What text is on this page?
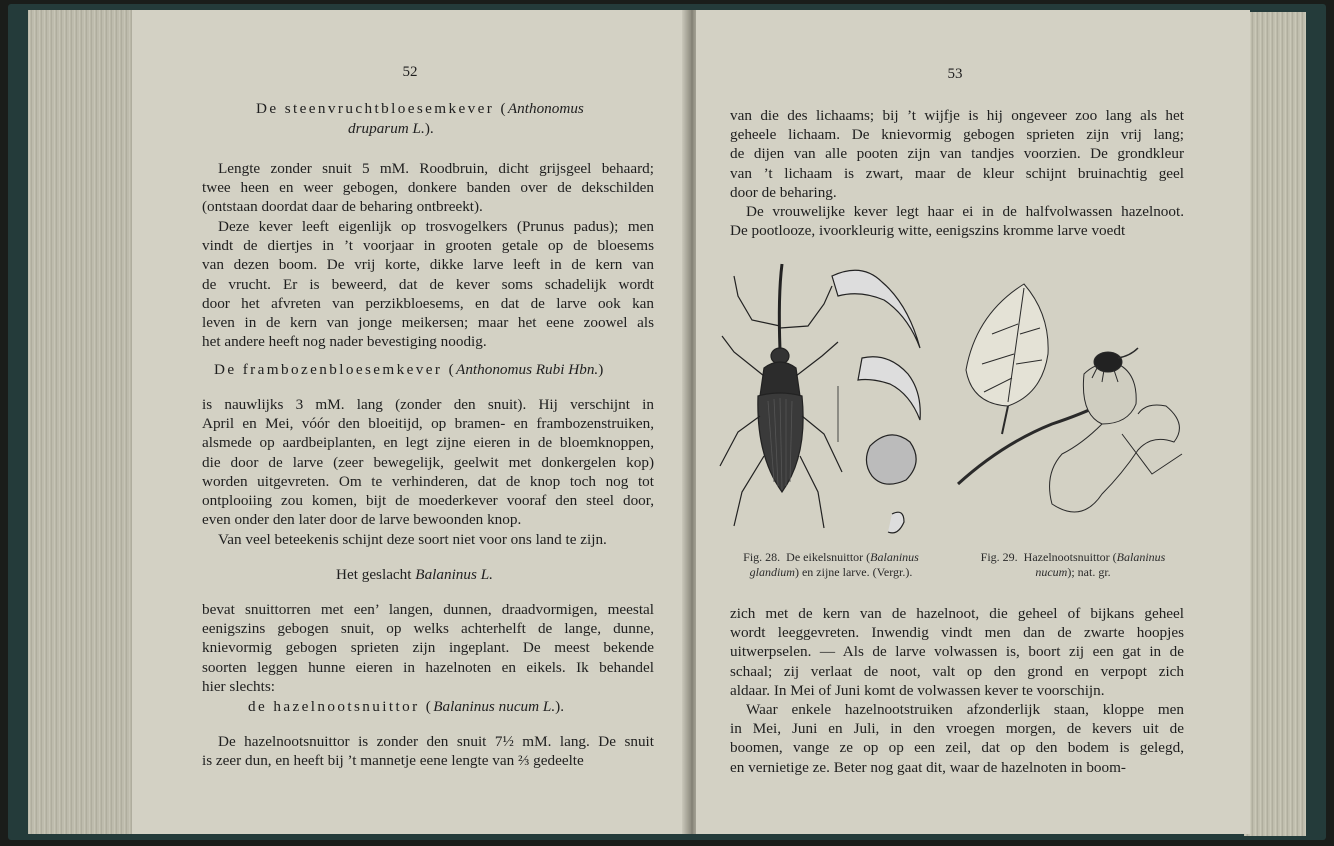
52
De steenvruchtbloesemkever (Anthonomus
druparum L.).
Lengte zonder snuit 5 mM. Roodbruin, dicht grijsgeel behaard;
twee heen en weer gebogen, donkere banden over de dekschilden
(ontstaan doordat daar de beharing ontbreekt).
Deze kever leeft eigenlijk op trosvogelkers (Prunus padus); men
vindt de diertjes in ’t voorjaar in grooten getale op de bloesems
van dezen boom. De vrij korte, dikke larve leeft in de kern van
de vrucht. Er is beweerd, dat de kever soms schadelijk wordt
door het afvreten van perzikbloesems, en dat de larve ook kan
leven in de kern van jonge meikersen; maar het eene zoowel als
het andere heeft nog nader bevestiging noodig.
De frambozenbloesemkever (Anthonomus Rubi Hbn.)
is nauwlijks 3 mM. lang (zonder den snuit). Hij verschijnt in
April en Mei, vóór den bloeitijd, op bramen- en frambozenstruiken,
alsmede op aardbeiplanten, en legt zijne eieren in de bloemknoppen,
die door de larve (zeer bewegelijk, geelwit met donkergelen kop)
worden uitgevreten. Om te verhinderen, dat de knop toch nog tot
ontplooiing zou komen, bijt de moederkever vooraf den steel door,
even onder den later door de larve bewoonden knop.
Van veel beteekenis schijnt deze soort niet voor ons land te zijn.
Het geslacht Balaninus L.
bevat snuittorren met een’ langen, dunnen, draadvormigen, meestal
eenigszins gebogen snuit, op welks achterhelft de lange, dunne,
knievormig gebogen sprieten zijn ingeplant. De meest bekende
soorten leggen hunne eieren in hazelnoten en eikels. Ik behandel
hier slechts:
de hazelnootsnuittor (Balaninus nucum L.).
De hazelnootsnuittor is zonder den snuit 7½ mM. lang. De snuit
is zeer dun, en heeft bij ’t mannetje eene lengte van ⅔ gedeelte
53
van die des lichaams; bij ’t wijfje is hij ongeveer zoo lang als het
geheele lichaam. De knievormig gebogen sprieten zijn vrij lang;
de dijen van alle pooten zijn van tandjes voorzien. De grondkleur
van ’t lichaam is zwart, maar de kleur schijnt bruinachtig geel
door de beharing.
De vrouwelijke kever legt haar ei in de halfvolwassen hazelnoot.
De pootlooze, ivoorkleurig witte, eenigszins kromme larve voedt
Fig. 28. De eikelsnuittor (Balaninus
glandium) en zijne larve. (Vergr.).
Fig. 29. Hazelnootsnuittor (Balaninus
nucum); nat. gr.
zich met de kern van de hazelnoot, die geheel of bijkans geheel
wordt leeggevreten. Inwendig vindt men dan de zwarte hoopjes
uitwerpselen. — Als de larve volwassen is, boort zij een gat in de
schaal; zij verlaat de noot, valt op den grond en verpopt zich
aldaar. In Mei of Juni komt de volwassen kever te voorschijn.
Waar enkele hazelnootstruiken afzonderlijk staan, kloppe men
in Mei, Juni en Juli, in den vroegen morgen, de kevers uit de
boomen, vange ze op op een zeil, dat op den bodem is gelegd,
en vernietige ze. Beter nog gaat dit, waar de hazelnoten in boom-
